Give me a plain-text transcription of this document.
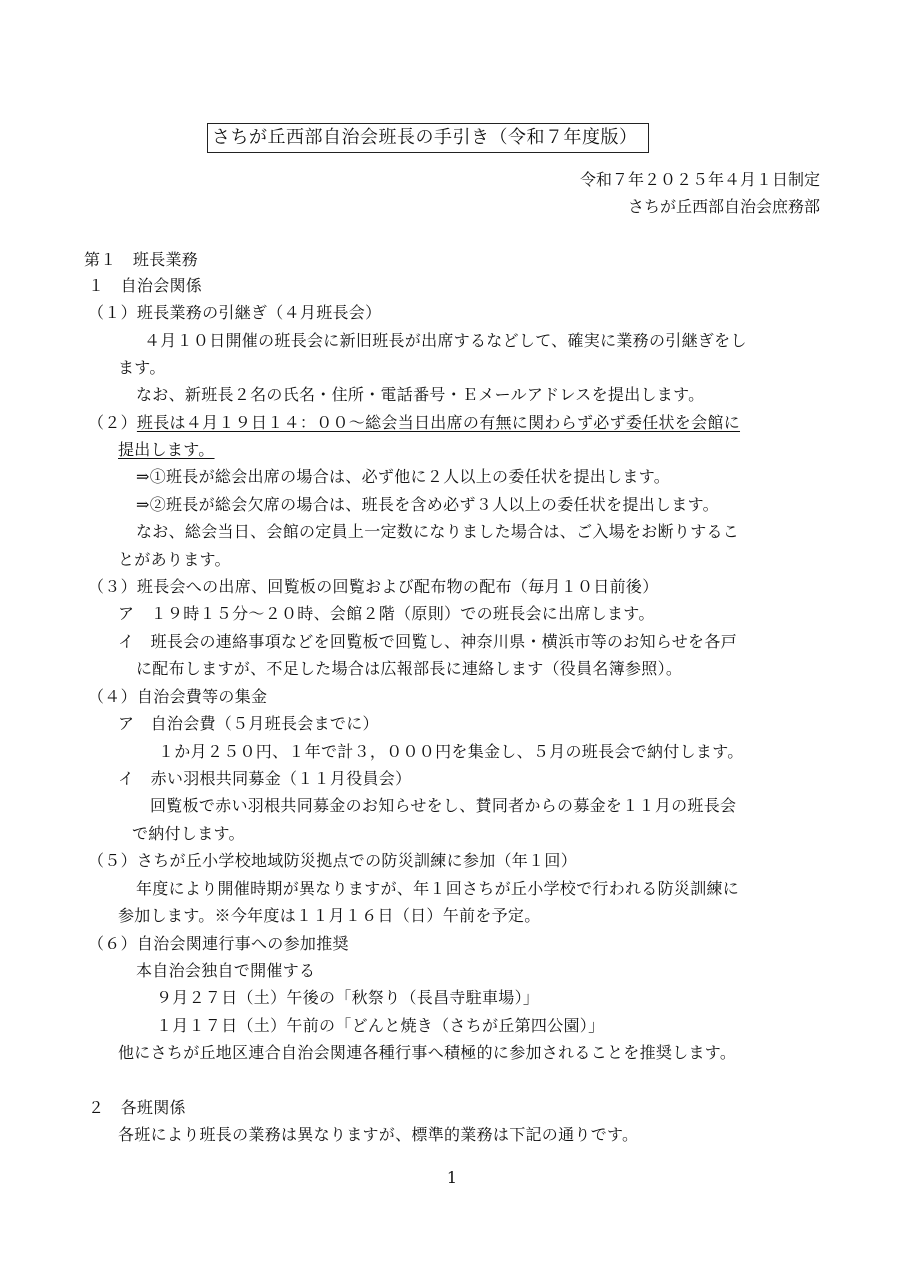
さちが丘西部自治会班長の手引き（令和７年度版）
令和７年２０２５年４月１日制定
さちが丘西部自治会庶務部
第１　班長業務
１　自治会関係
（１）班長業務の引継ぎ（４月班長会）
４月１０日開催の班長会に新旧班長が出席するなどして、確実に業務の引継ぎをし
ます。
なお、新班長２名の氏名・住所・電話番号・Ｅメールアドレスを提出します。
（２）班長は４月１９日１４：００～総会当日出席の有無に関わらず必ず委任状を会館に
提出します。
⇒①班長が総会出席の場合は、必ず他に２人以上の委任状を提出します。
⇒②班長が総会欠席の場合は、班長を含め必ず３人以上の委任状を提出します。
なお、総会当日、会館の定員上一定数になりました場合は、ご入場をお断りするこ
とがあります。
（３）班長会への出席、回覧板の回覧および配布物の配布（毎月１０日前後）
ア　１９時１５分～２０時、会館２階（原則）での班長会に出席します。
イ　班長会の連絡事項などを回覧板で回覧し、神奈川県・横浜市等のお知らせを各戸
に配布しますが、不足した場合は広報部長に連絡します（役員名簿参照）。
（４）自治会費等の集金
ア　自治会費（５月班長会までに）
１か月２５０円、１年で計３，０００円を集金し、５月の班長会で納付します。
イ　赤い羽根共同募金（１１月役員会）
回覧板で赤い羽根共同募金のお知らせをし、賛同者からの募金を１１月の班長会
で納付します。
（５）さちが丘小学校地域防災拠点での防災訓練に参加（年１回）
年度により開催時期が異なりますが、年１回さちが丘小学校で行われる防災訓練に
参加します。※今年度は１１月１６日（日）午前を予定。
（６）自治会関連行事への参加推奨
本自治会独自で開催する
９月２７日（土）午後の「秋祭り（長昌寺駐車場）」
１月１７日（土）午前の「どんと焼き（さちが丘第四公園）」
他にさちが丘地区連合自治会関連各種行事へ積極的に参加されることを推奨します。
２　各班関係
各班により班長の業務は異なりますが、標準的業務は下記の通りです。
1
